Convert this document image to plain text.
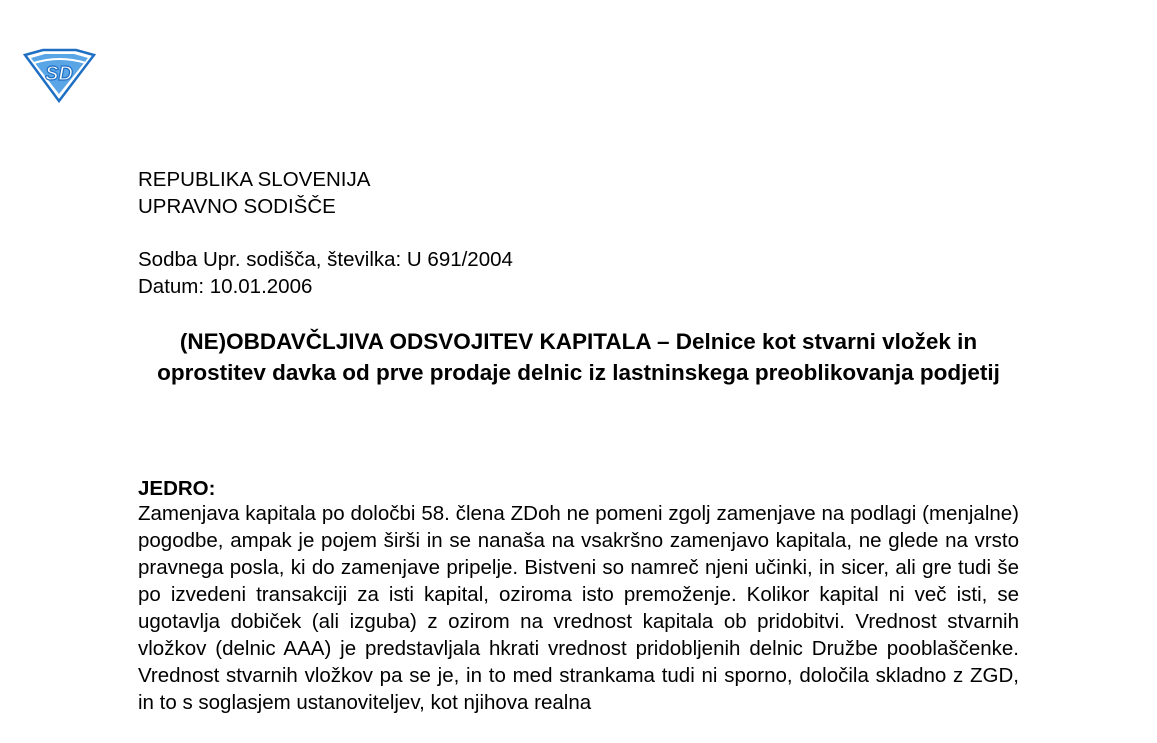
SD
REPUBLIKA SLOVENIJA
UPRAVNO SODIŠČE
Sodba Upr. sodišča, številka: U 691/2004
Datum: 10.01.2006
(NE)OBDAVČLJIVA ODSVOJITEV KAPITALA – Delnice kot stvarni vložek in oprostitev davka od prve prodaje delnic iz lastninskega preoblikovanja podjetij
JEDRO:
Zamenjava kapitala po določbi 58. člena ZDoh ne pomeni zgolj zamenjave na podlagi (menjalne) pogodbe, ampak je pojem širši in se nanaša na vsakršno zamenjavo kapitala, ne glede na vrsto pravnega posla, ki do zamenjave pripelje. Bistveni so namreč njeni učinki, in sicer, ali gre tudi še po izvedeni transakciji za isti kapital, oziroma isto premoženje. Kolikor kapital ni več isti, se ugotavlja dobiček (ali izguba) z ozirom na vrednost kapitala ob pridobitvi. Vrednost stvarnih vložkov (delnic AAA) je predstavljala hkrati vrednost pridobljenih delnic Družbe pooblaščenke. Vrednost stvarnih vložkov pa se je, in to med strankama tudi ni sporno, določila skladno z ZGD, in to s soglasjem ustanoviteljev, kot njihova realna
